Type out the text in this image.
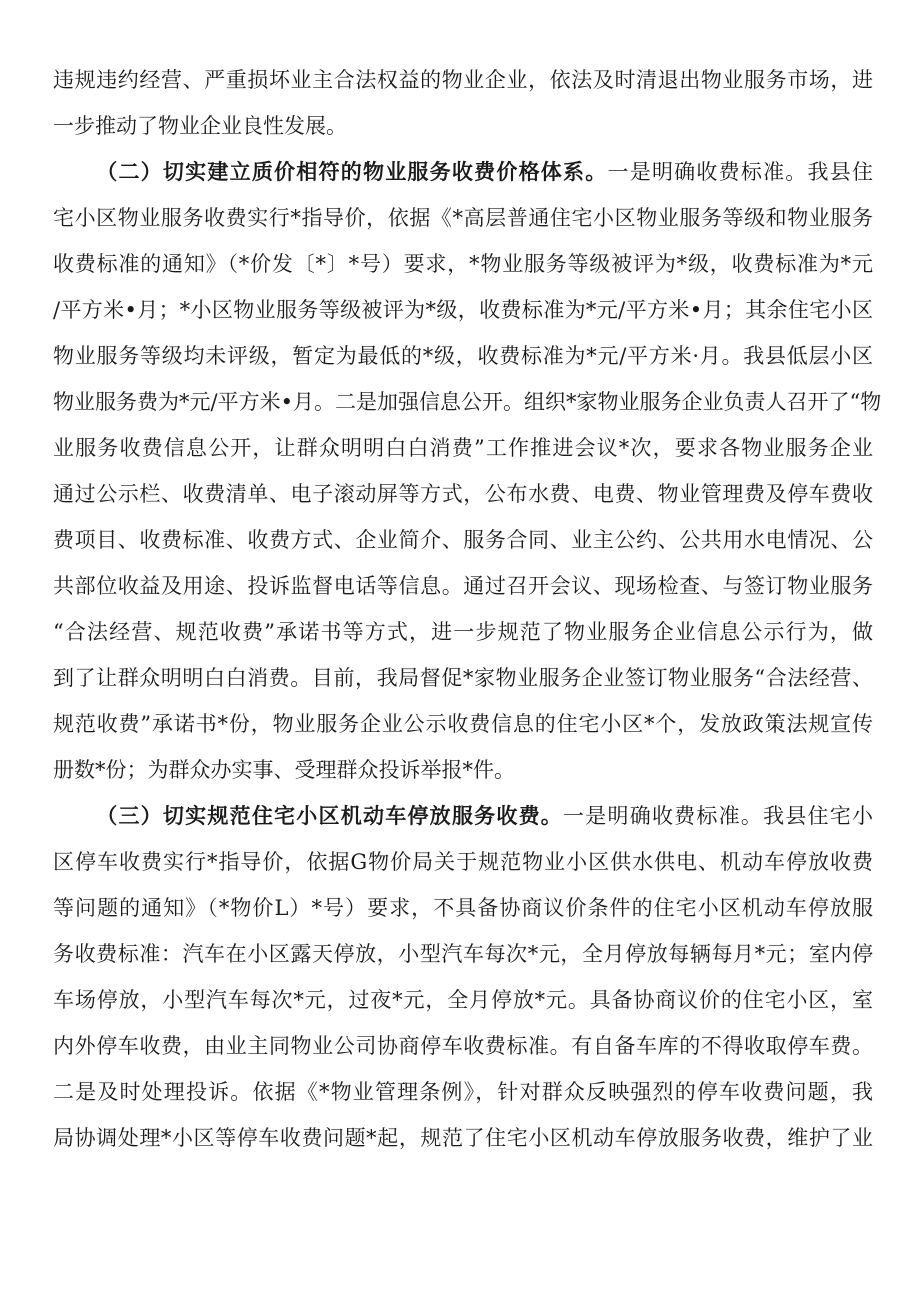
违规违约经营、严重损坏业主合法权益的物业企业，依法及时清退出物业服务市场，进
一步推动了物业企业良性发展。
（二）切实建立质价相符的物业服务收费价格体系。一是明确收费标准。我县住
宅小区物业服务收费实行*指导价，依据《*高层普通住宅小区物业服务等级和物业服务
收费标准的通知》（*价发〔*〕*号）要求，*物业服务等级被评为*级，收费标准为*元
/平方米•月；*小区物业服务等级被评为*级，收费标准为*元/平方米•月；其余住宅小区
物业服务等级均未评级，暂定为最低的*级，收费标准为*元/平方米·月。我县低层小区
物业服务费为*元/平方米•月。二是加强信息公开。组织*家物业服务企业负责人召开了“物
业服务收费信息公开，让群众明明白白消费”工作推进会议*次，要求各物业服务企业
通过公示栏、收费清单、电子滚动屏等方式，公布水费、电费、物业管理费及停车费收
费项目、收费标准、收费方式、企业简介、服务合同、业主公约、公共用水电情况、公
共部位收益及用途、投诉监督电话等信息。通过召开会议、现场检查、与签订物业服务
“合法经营、规范收费”承诺书等方式，进一步规范了物业服务企业信息公示行为，做
到了让群众明明白白消费。目前，我局督促*家物业服务企业签订物业服务“合法经营、
规范收费”承诺书*份，物业服务企业公示收费信息的住宅小区*个，发放政策法规宣传
册数*份；为群众办实事、受理群众投诉举报*件。
（三）切实规范住宅小区机动车停放服务收费。一是明确收费标准。我县住宅小
区停车收费实行*指导价，依据G物价局关于规范物业小区供水供电、机动车停放收费
等问题的通知》（*物价L）*号）要求，不具备协商议价条件的住宅小区机动车停放服
务收费标准：汽车在小区露天停放，小型汽车每次*元，全月停放每辆每月*元；室内停
车场停放，小型汽车每次*元，过夜*元，全月停放*元。具备协商议价的住宅小区，室
内外停车收费，由业主同物业公司协商停车收费标准。有自备车库的不得收取停车费。
二是及时处理投诉。依据《*物业管理条例》，针对群众反映强烈的停车收费问题，我
局协调处理*小区等停车收费问题*起，规范了住宅小区机动车停放服务收费，维护了业
